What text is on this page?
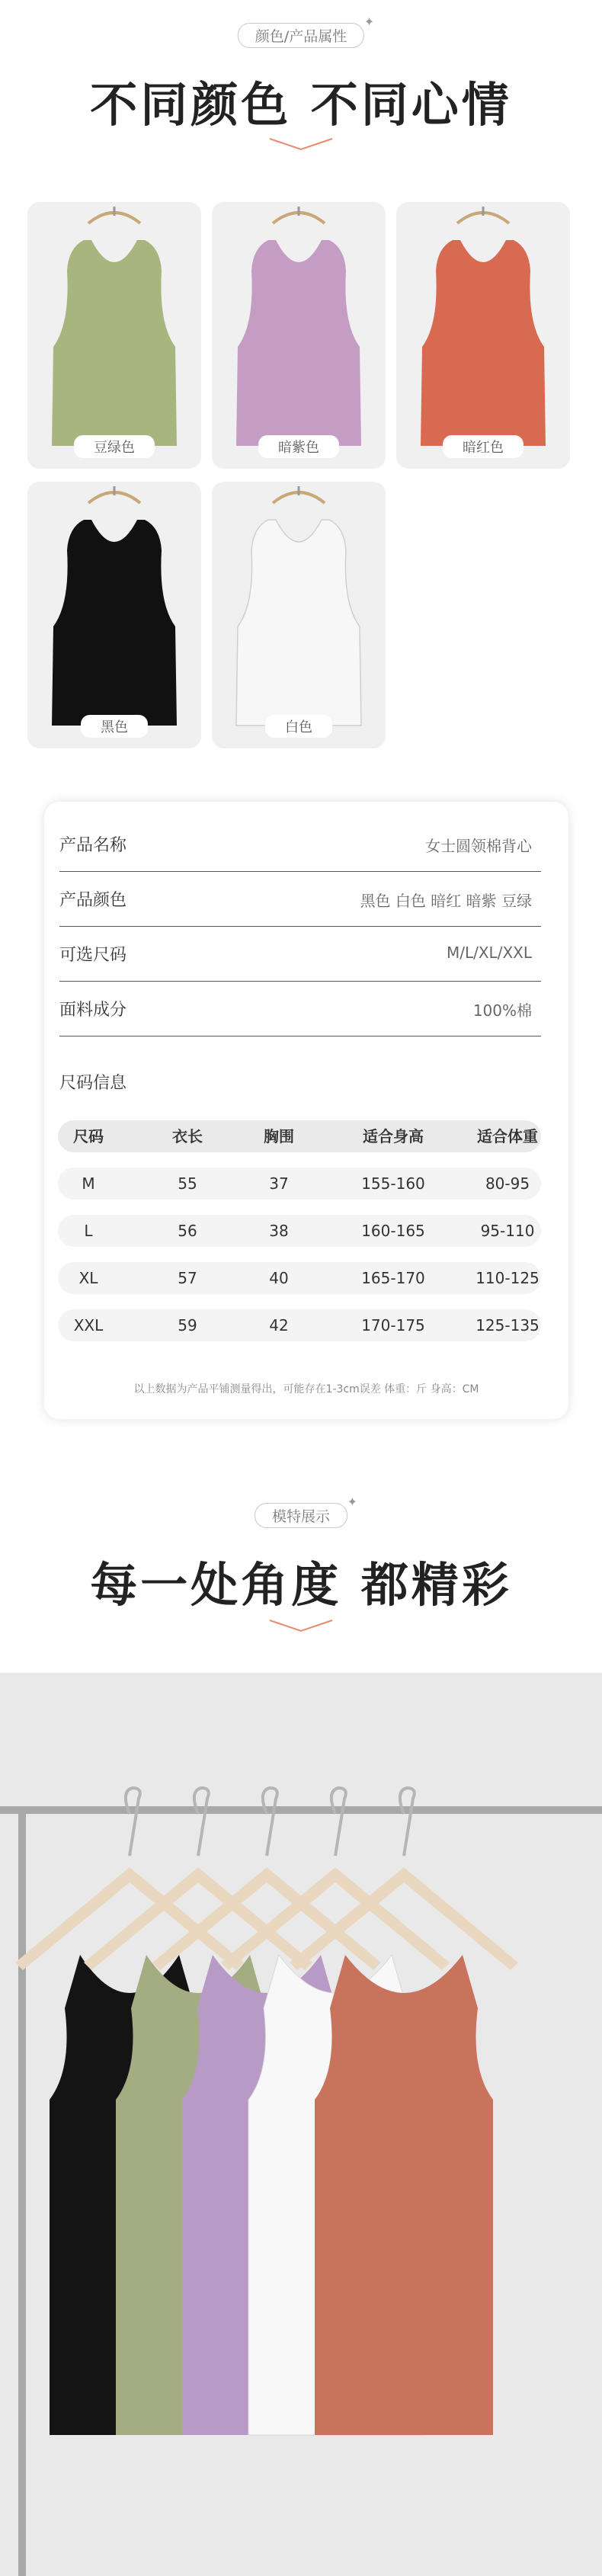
颜色/产品属性
✦
不同颜色 不同心情
豆绿色	暗紫色	暗红色
黑色	白色
产品名称	女士圆领棉背心
产品颜色	黑色 白色 暗红 暗紫 豆绿
可选尺码	M/L/XL/XXL
面料成分	100%棉
尺码信息
尺码	衣长	胸围	适合身高	适合体重
M	55	37	155-160	80-95
L	56	38	160-165	95-110
XL	57	40	165-170	110-125
XXL	59	42	170-175	125-135
以上数据为产品平铺测量得出，可能存在1-3cm误差 体重：斤 身高：CM
模特展示
✦
每一处角度 都精彩
